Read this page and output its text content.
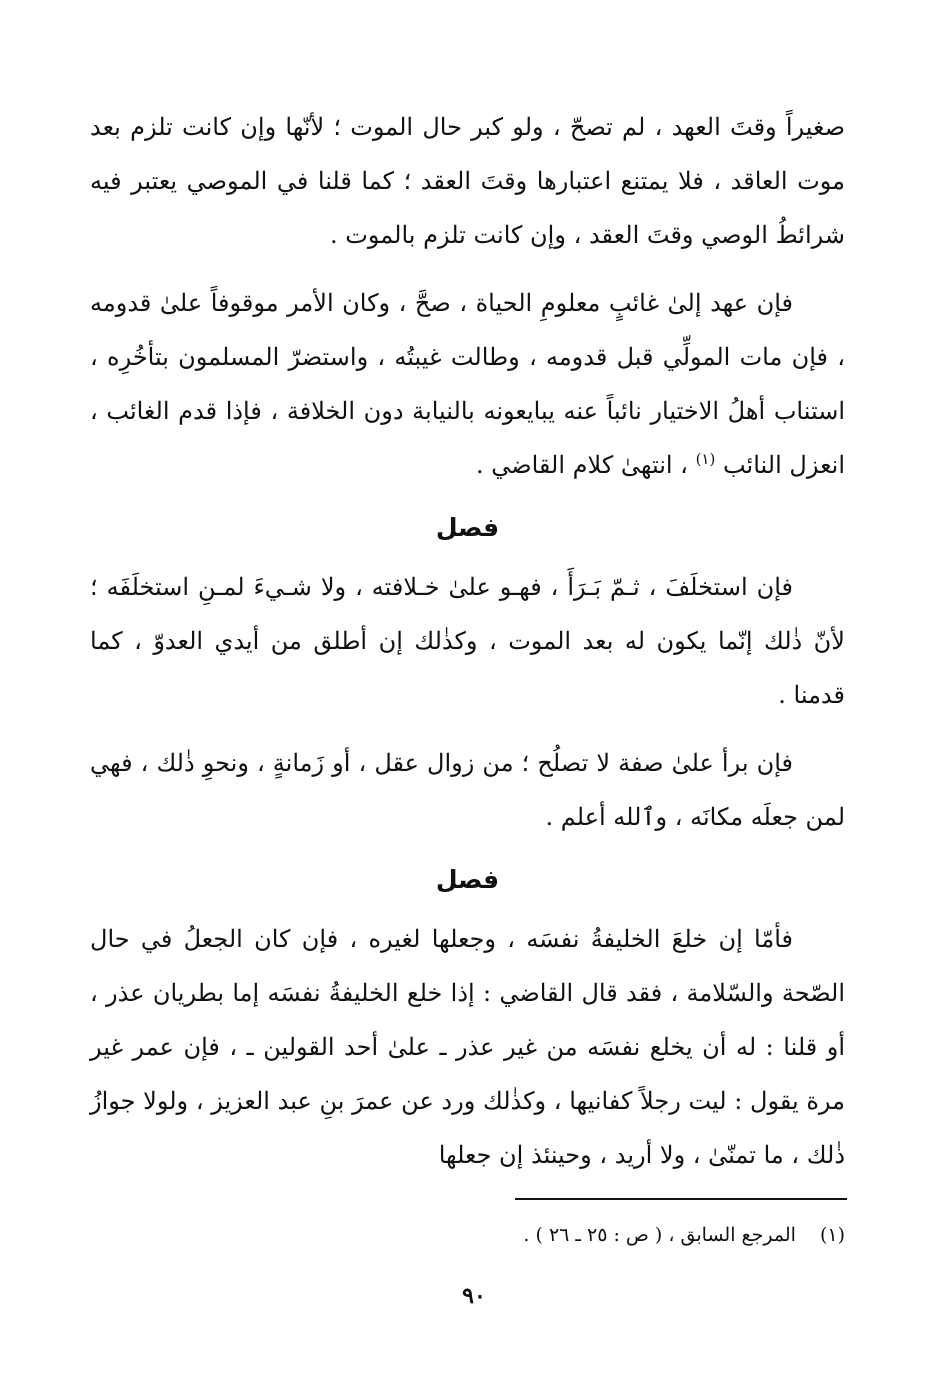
صغيراً وقتَ العهد ، لم تصحّ ، ولو كبر حال الموت ؛ لأنّها وإن كانت تلزم بعد موت العاقد ، فلا يمتنع اعتبارها وقتَ العقد ؛ كما قلنا في الموصي يعتبر فيه شرائطُ الوصي وقتَ العقد ، وإن كانت تلزم بالموت .

فإن عهد إلىٰ غائبٍ معلومِ الحياة ، صحَّ ، وكان الأمر موقوفاً علىٰ قدومه ، فإن مات المولِّي قبل قدومه ، وطالت غيبتُه ، واستضرّ المسلمون بتأخُرِه ، استناب أهلُ الاختيار نائباً عنه يبايعونه بالنيابة دون الخلافة ، فإذا قدم الغائب ، انعزل النائب $^{(١)}$ ، انتهىٰ كلام القاضي .

فصل

فإن استخلَفَ ، ثـمّ بَـرَأَ ، فهـو علىٰ خـلافته ، ولا شـيءَ لمـنِ استخلَفَه ؛ لأنّ ذٰلك إنّما يكون له بعد الموت ، وكذٰلك إن أطلق من أيدي العدوّ ، كما قدمنا .

فإن برأ علىٰ صفة لا تصلُح ؛ من زوال عقل ، أو زَمانةٍ ، ونحوِ ذٰلك ، فهي لمن جعلَه مكانَه ، وٱلله أعلم .

فصل

فأمّا إن خلعَ الخليفةُ نفسَه ، وجعلها لغيره ، فإن كان الجعلُ في حال الصّحة والسّلامة ، فقد قال القاضي : إذا خلع الخليفةُ نفسَه إما بطريان عذر ، أو قلنا : له أن يخلع نفسَه من غير عذر ـ علىٰ أحد القولين ـ ، فإن عمر غير مرة يقول : ليت رجلاً كفانيها ، وكذٰلك ورد عن عمرَ بنِ عبد العزيز ، ولولا جوازُ ذٰلك ، ما تمنّىٰ ، ولا أريد ، وحينئذ إن جعلها

(١)المرجع السابق ، ( ص : ٢٥ ـ ٢٦ ) .
٩٠
